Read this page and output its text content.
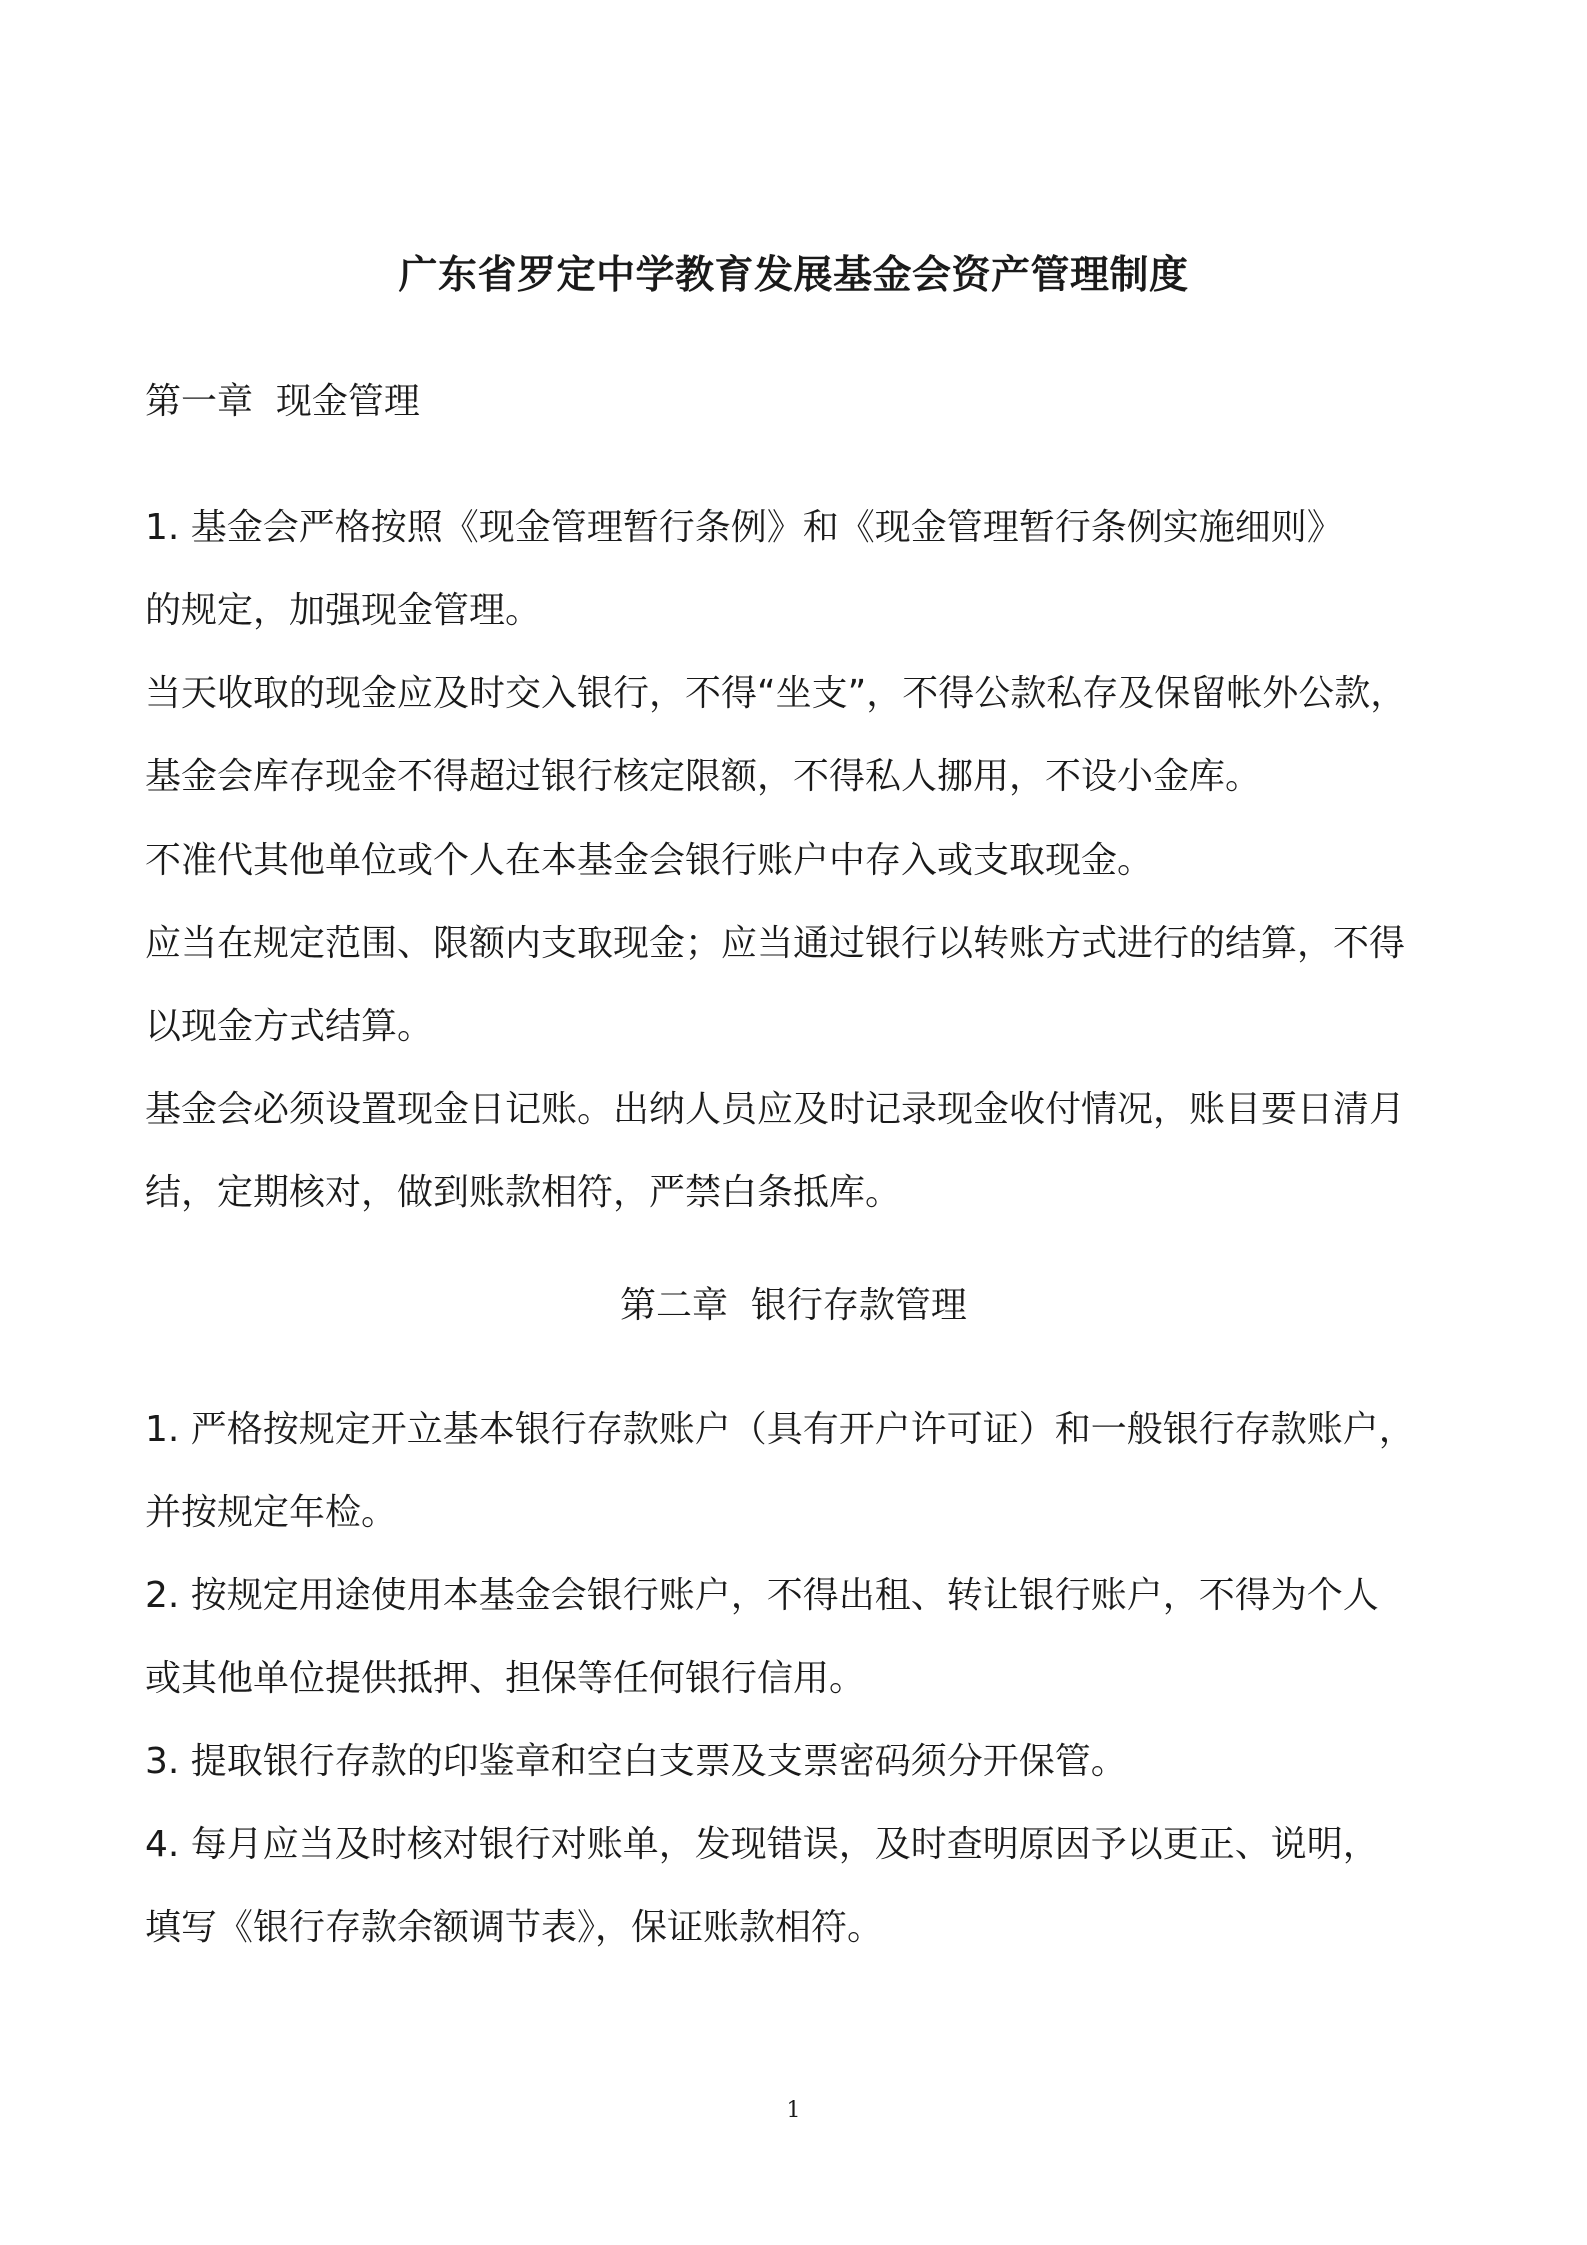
广东省罗定中学教育发展基金会资产管理制度
第一章  现金管理

1. 基金会严格按照《现金管理暂行条例》和《现金管理暂行条例实施细则》

的规定，加强现金管理。

当天收取的现金应及时交入银行，不得“坐支”，不得公款私存及保留帐外公款，

基金会库存现金不得超过银行核定限额，不得私人挪用，不设小金库。

不准代其他单位或个人在本基金会银行账户中存入或支取现金。

应当在规定范围、限额内支取现金；应当通过银行以转账方式进行的结算，不得

以现金方式结算。

基金会必须设置现金日记账。出纳人员应及时记录现金收付情况，账目要日清月

结，定期核对，做到账款相符，严禁白条抵库。

第二章  银行存款管理

1. 严格按规定开立基本银行存款账户（具有开户许可证）和一般银行存款账户，

并按规定年检。

2. 按规定用途使用本基金会银行账户，不得出租、转让银行账户，不得为个人

或其他单位提供抵押、担保等任何银行信用。

3. 提取银行存款的印鉴章和空白支票及支票密码须分开保管。

4. 每月应当及时核对银行对账单，发现错误，及时查明原因予以更正、说明，

填写《银行存款余额调节表》，保证账款相符。

1
